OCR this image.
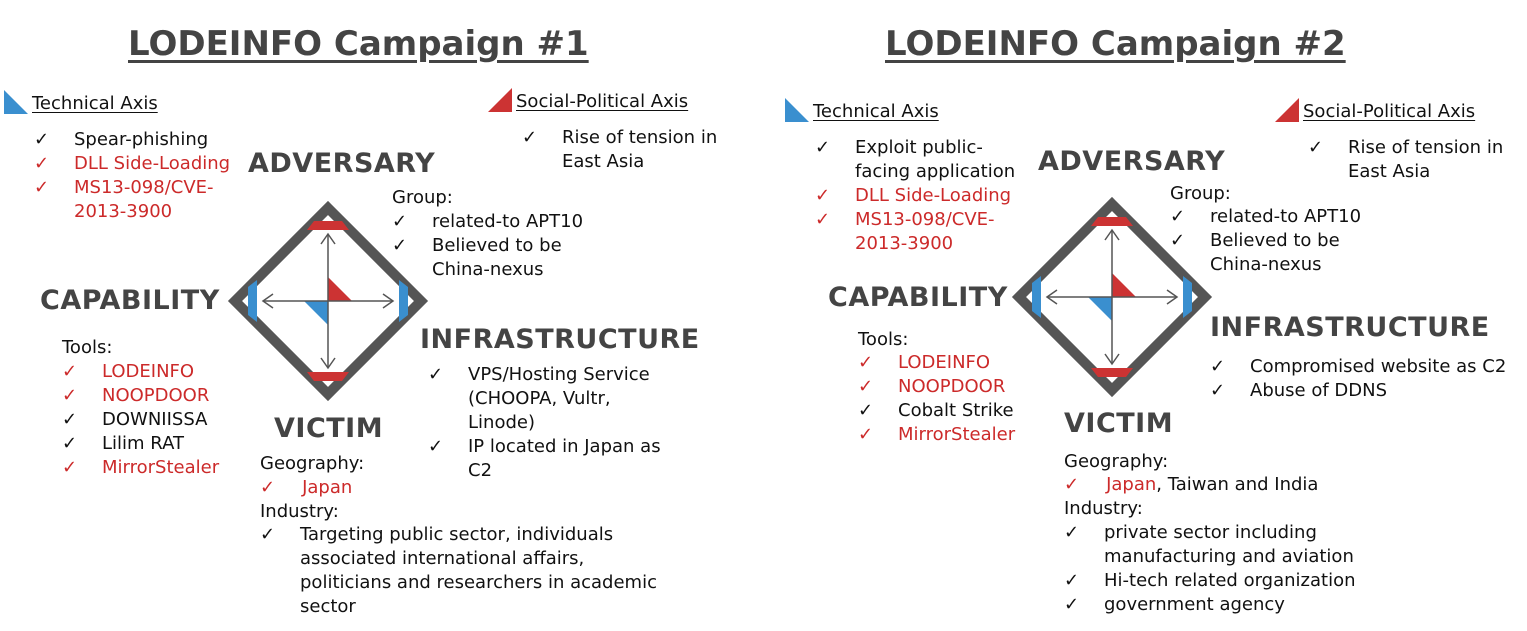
LODEINFO Campaign #1
Technical Axis
✓ Spear-phishing
✓ DLL Side-Loading
✓ MS13-098/CVE-
2013-3900
Social-Political Axis
✓ Rise of tension in
East Asia
ADVERSARY
Group:
✓ related-to APT10
✓ Believed to be
China-nexus
CAPABILITY
Tools:
✓ LODEINFO
✓ NOOPDOOR
✓ DOWNIISSA
✓ Lilim RAT
✓ MirrorStealer
INFRASTRUCTURE
✓ VPS/Hosting Service
(CHOOPA, Vultr,
Linode)
✓ IP located in Japan as
C2
VICTIM
Geography:
✓ Japan
Industry:
✓ Targeting public sector, individuals
associated international affairs,
politicians and researchers in academic
sector
LODEINFO Campaign #2
Technical Axis
✓ Exploit public-
facing application
✓ DLL Side-Loading
✓ MS13-098/CVE-
2013-3900
Social-Political Axis
✓ Rise of tension in
East Asia
ADVERSARY
Group:
✓ related-to APT10
✓ Believed to be
China-nexus
CAPABILITY
Tools:
✓ LODEINFO
✓ NOOPDOOR
✓ Cobalt Strike
✓ MirrorStealer
INFRASTRUCTURE
✓ Compromised website as C2
✓ Abuse of DDNS
VICTIM
Geography:
✓ Japan, Taiwan and India
Industry:
✓ private sector including
manufacturing and aviation
✓ Hi-tech related organization
✓ government agency
